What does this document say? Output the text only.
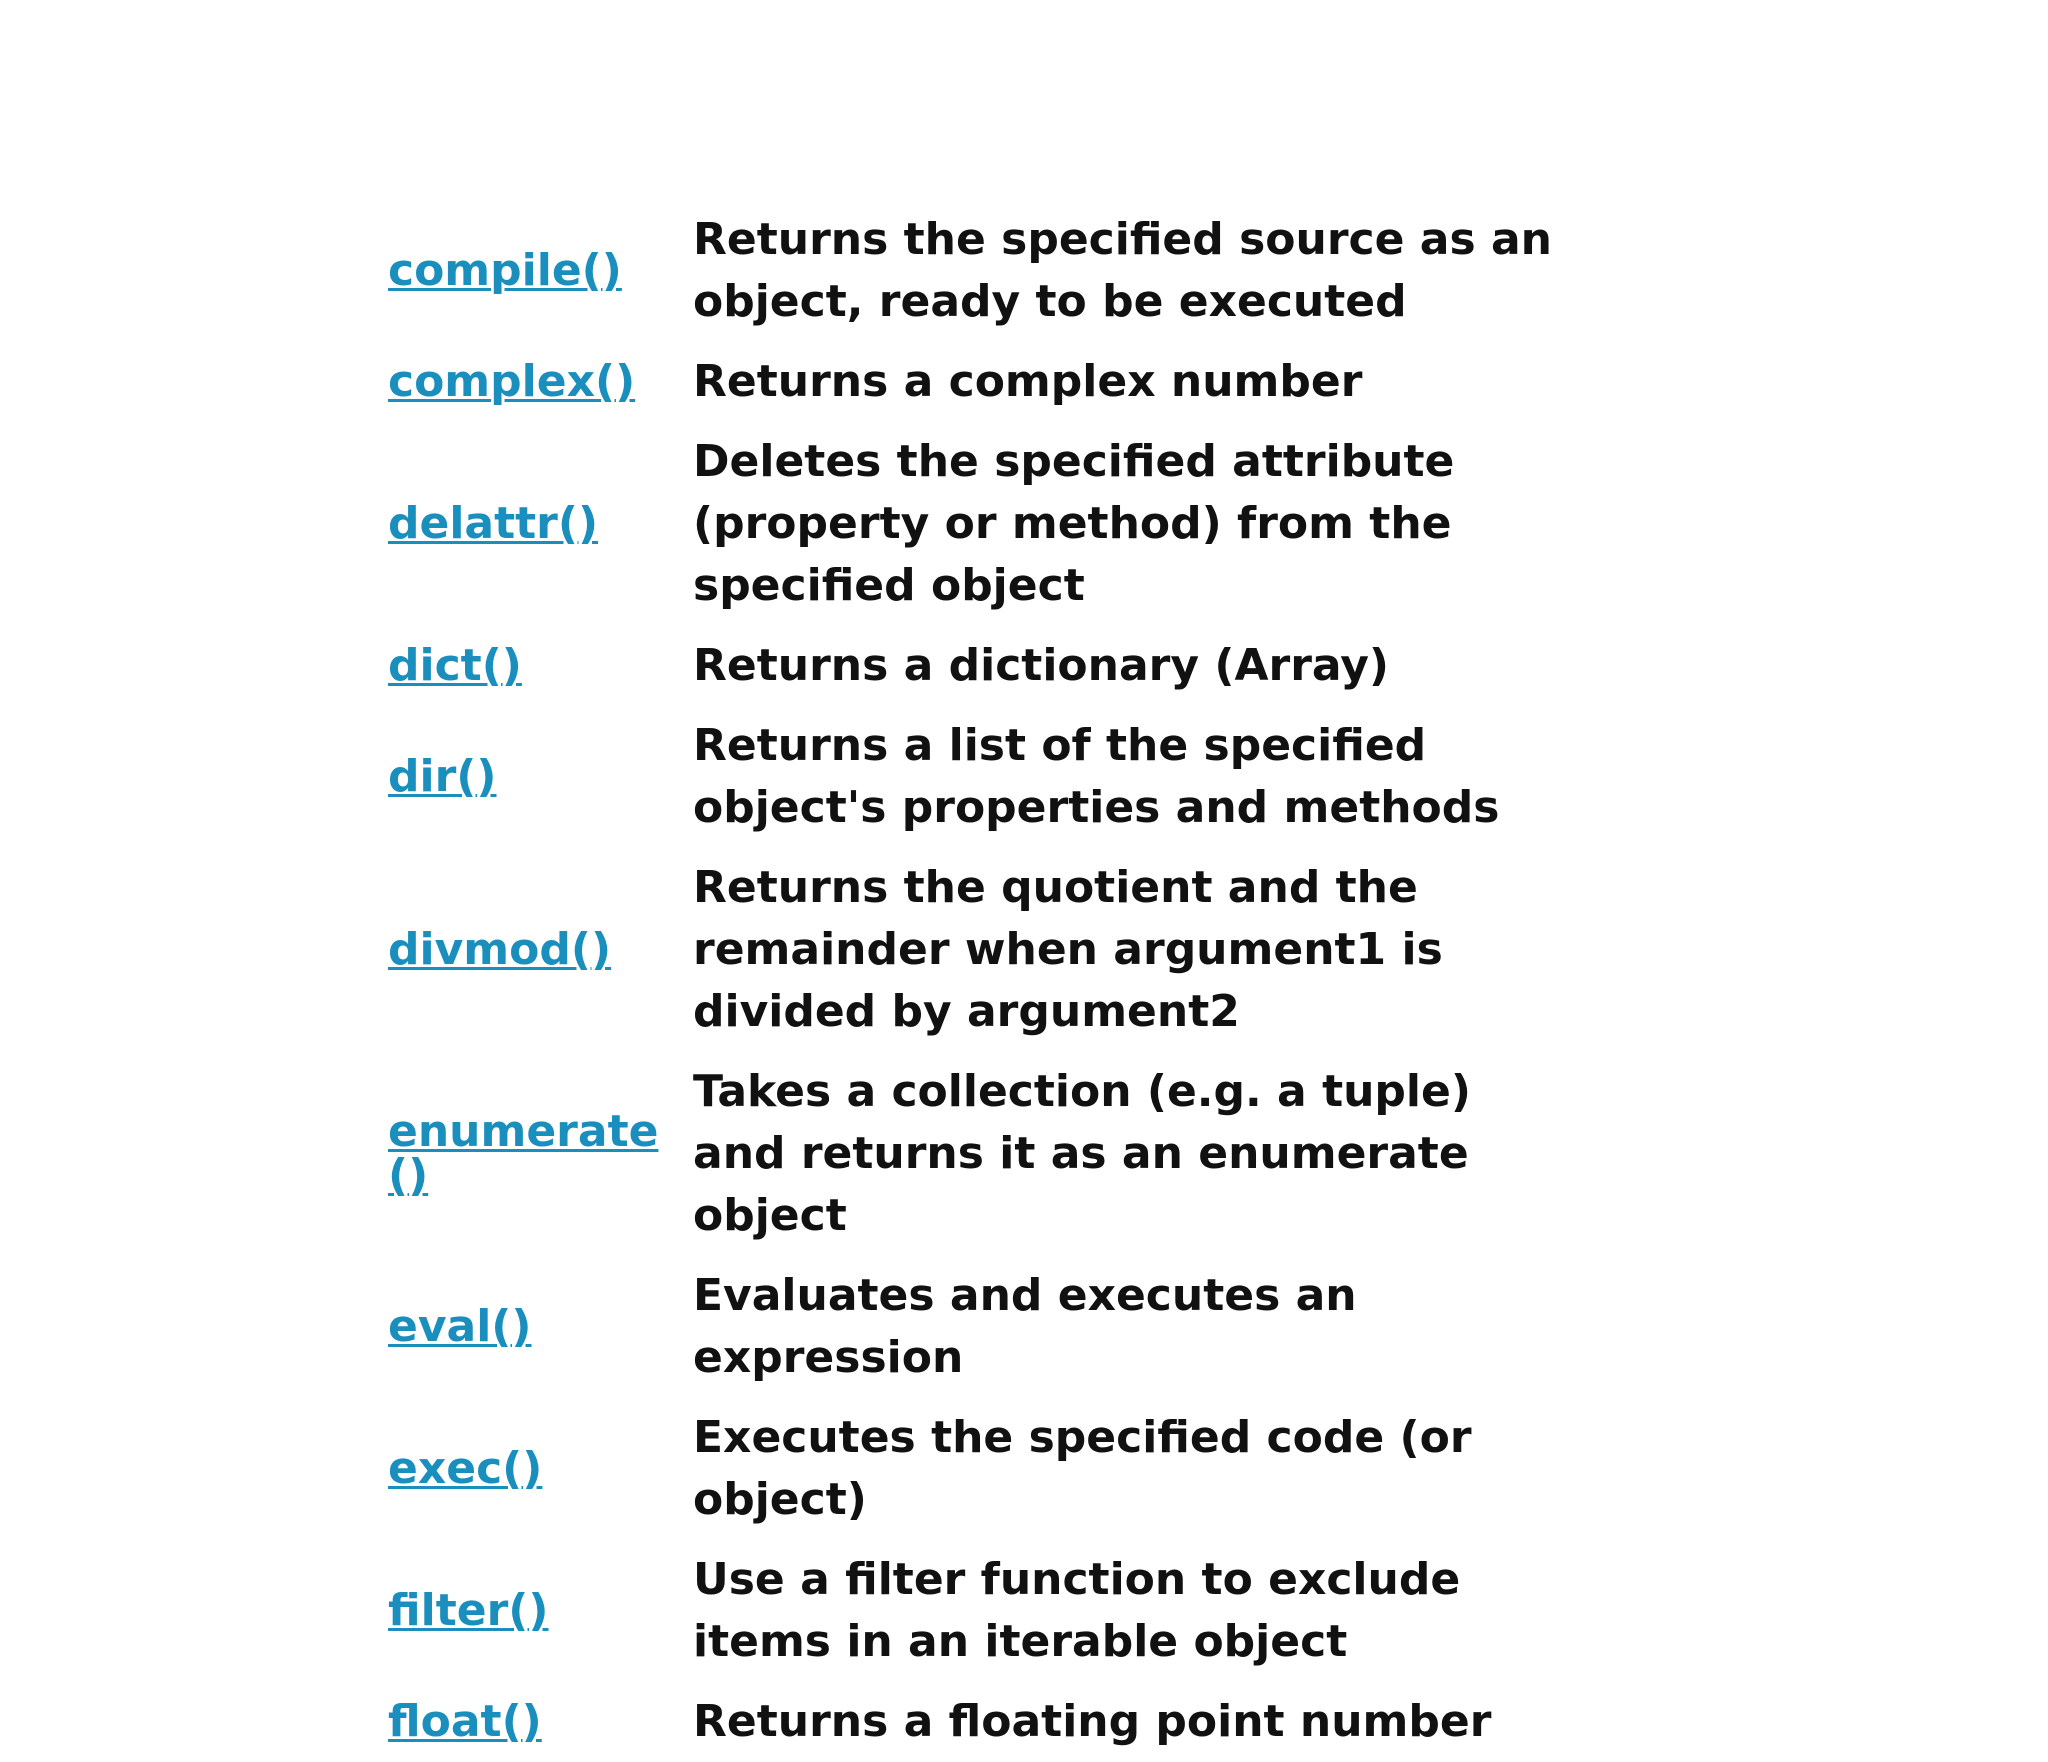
compile()	Returns the specified source as an object, ready to be executed

complex()	Returns a complex number

delattr()	Deletes the specified attribute (property or method) from the specified object

dict()	Returns a dictionary (Array)

dir()	Returns a list of the specified object's properties and methods

divmod()	Returns the quotient and the remainder when argument1 is divided by argument2

enumerate()	Takes a collection (e.g. a tuple) and returns it as an enumerate object

eval()	Evaluates and executes an expression

exec()	Executes the specified code (or object)

filter()	Use a filter function to exclude items in an iterable object

float()	Returns a floating point number
